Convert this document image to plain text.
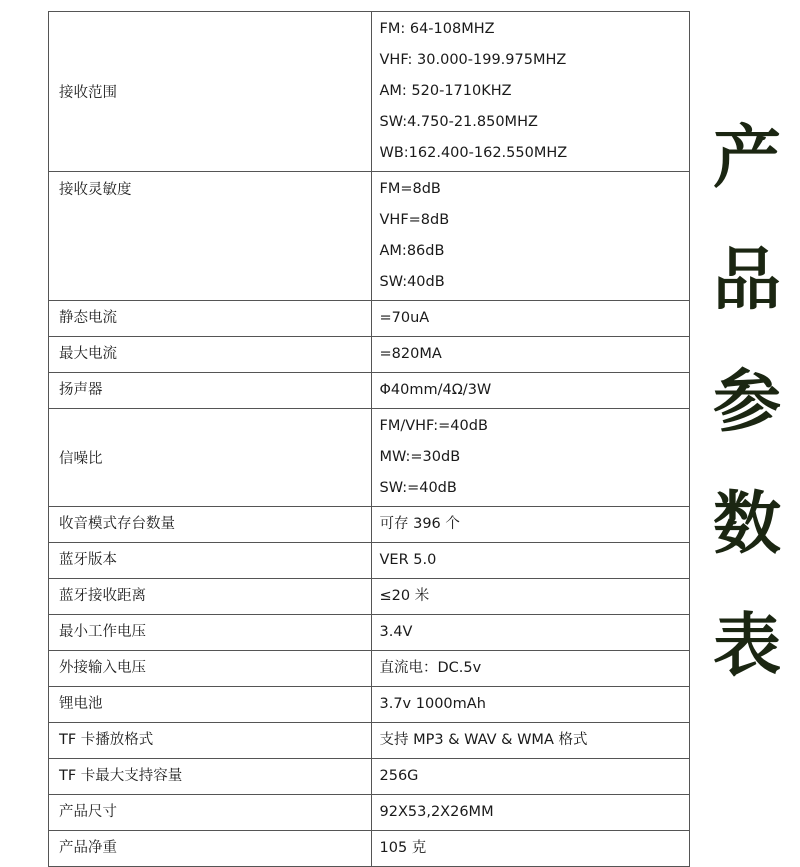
接收范围	FM: 64-108MHZ
VHF: 30.000-199.975MHZ
AM: 520-1710KHZ
SW:4.750-21.850MHZ
WB:162.400-162.550MHZ

接收灵敏度	FM=8dB
VHF=8dB
AM:86dB
SW:40dB

静态电流	=70uA
最大电流	=820MA
扬声器	Φ40mm/4Ω/3W
信噪比	FM/VHF:=40dB
MW:=30dB
SW:=40dB

收音模式存台数量	可存 396 个
蓝牙版本	VER 5.0
蓝牙接收距离	≤20 米
最小工作电压	3.4V
外接输入电压	直流电：DC.5v
锂电池	3.7v 1000mAh
TF 卡播放格式	支持 MP3 & WAV & WMA 格式
TF 卡最大支持容量	256G
产品尺寸	92X53,2X26MM
产品净重	105 克
产
品
参
数
表
